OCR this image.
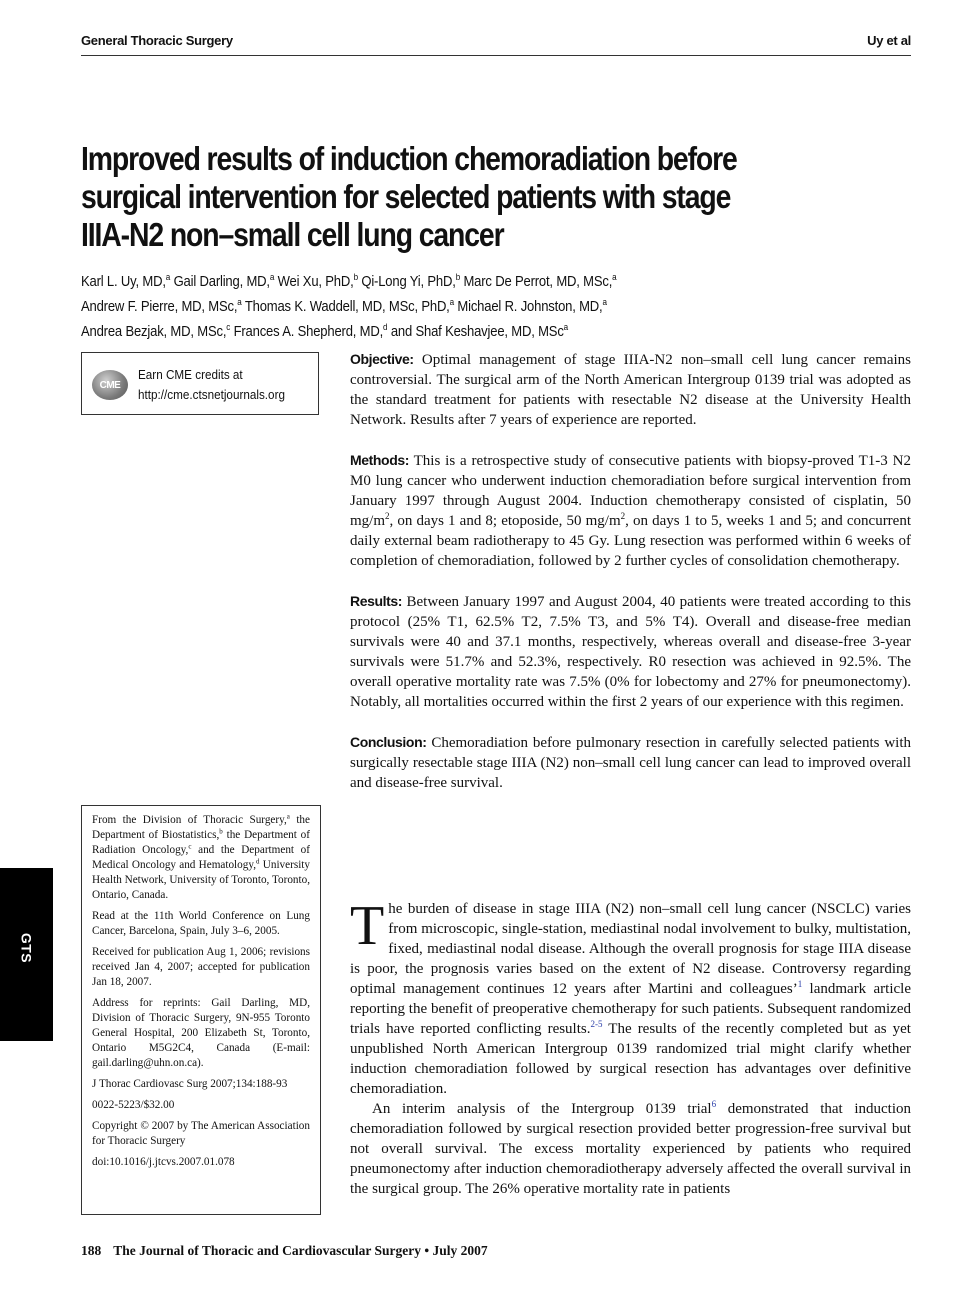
General Thoracic Surgery	Uy et al
Improved results of induction chemoradiation before
surgical intervention for selected patients with stage
IIIA-N2 non–small cell lung cancer
Karl L. Uy, MD,$^a$ Gail Darling, MD,$^a$ Wei Xu, PhD,$^b$ Qi-Long Yi, PhD,$^b$ Marc De Perrot, MD, MSc,$^a$
Andrew F. Pierre, MD, MSc,$^a$ Thomas K. Waddell, MD, MSc, PhD,$^a$ Michael R. Johnston, MD,$^a$
Andrea Bezjak, MD, MSc,$^c$ Frances A. Shepherd, MD,$^d$ and Shaf Keshavjee, MD, MSc$^a$
CME
Earn CME credits at
http://cme.ctsnetjournals.org

Objective: Optimal management of stage IIIA-N2 non–small cell lung cancer remains controversial. The surgical arm of the North American Intergroup 0139 trial was adopted as the standard treatment for patients with resectable N2 disease at the University Health Network. Results after 7 years of experience are reported.

Methods: This is a retrospective study of consecutive patients with biopsy-proved T1-3 N2 M0 lung cancer who underwent induction chemoradiation before surgical intervention from January 1997 through August 2004. Induction chemotherapy consisted of cisplatin, 50 $mg/m^2$, on days 1 and 8; etoposide, 50 $mg/m^2$, on days 1 to 5, weeks 1 and 5; and concurrent daily external beam radiotherapy to 45 Gy. Lung resection was performed within 6 weeks of completion of chemoradiation, followed by 2 further cycles of consolidation chemotherapy.

Results: Between January 1997 and August 2004, 40 patients were treated according to this protocol (25% T1, 62.5% T2, 7.5% T3, and 5% T4). Overall and disease-free median survivals were 40 and 37.1 months, respectively, whereas overall and disease-free 3-year survivals were 51.7% and 52.3%, respectively. R0 resection was achieved in 92.5%. The overall operative mortality rate was 7.5% (0% for lobectomy and 27% for pneumonectomy). Notably, all mortalities occurred within the first 2 years of our experience with this regimen.

Conclusion: Chemoradiation before pulmonary resection in carefully selected patients with surgically resectable stage IIIA (N2) non–small cell lung cancer can lead to improved overall and disease-free survival.

GTS

From the Division of Thoracic Surgery,$^a$ the Department of Biostatistics,$^b$ the Department of Radiation Oncology,$^c$ and the Department of Medical Oncology and Hematology,$^d$ University Health Network, University of Toronto, Toronto, Ontario, Canada.

Read at the 11th World Conference on Lung Cancer, Barcelona, Spain, July 3–6, 2005.

Received for publication Aug 1, 2006; revisions received Jan 4, 2007; accepted for publication Jan 18, 2007.

Address for reprints: Gail Darling, MD, Division of Thoracic Surgery, 9N-955 Toronto General Hospital, 200 Elizabeth St, Toronto, Ontario M5G2C4, Canada (E-mail: gail.darling@uhn.on.ca).

J Thorac Cardiovasc Surg 2007;134:188-93

0022-5223/$32.00

Copyright © 2007 by The American Association for Thoracic Surgery

doi:10.1016/j.jtcvs.2007.01.078

The burden of disease in stage IIIA (N2) non–small cell lung cancer (NSCLC) varies from microscopic, single-station, mediastinal nodal involvement to bulky, multistation, fixed, mediastinal nodal disease. Although the overall prognosis for stage IIIA disease is poor, the prognosis varies based on the extent of N2 disease. Controversy regarding optimal management continues 12 years after Martini and colleagues’$^1$ landmark article reporting the benefit of preoperative chemotherapy for such patients. Subsequent randomized trials have reported conflicting results.$^{2-5}$ The results of the recently completed but as yet unpublished North American Intergroup 0139 randomized trial might clarify whether induction chemoradiation followed by surgical resection has advantages over definitive chemoradiation.

An interim analysis of the Intergroup 0139 trial$^6$ demonstrated that induction chemoradiation followed by surgical resection provided better progression-free survival but not overall survival. The excess mortality experienced by patients who required pneumonectomy after induction chemoradiotherapy adversely affected the overall survival in the surgical group. The 26% operative mortality rate in patients

188 The Journal of Thoracic and Cardiovascular Surgery • July 2007
